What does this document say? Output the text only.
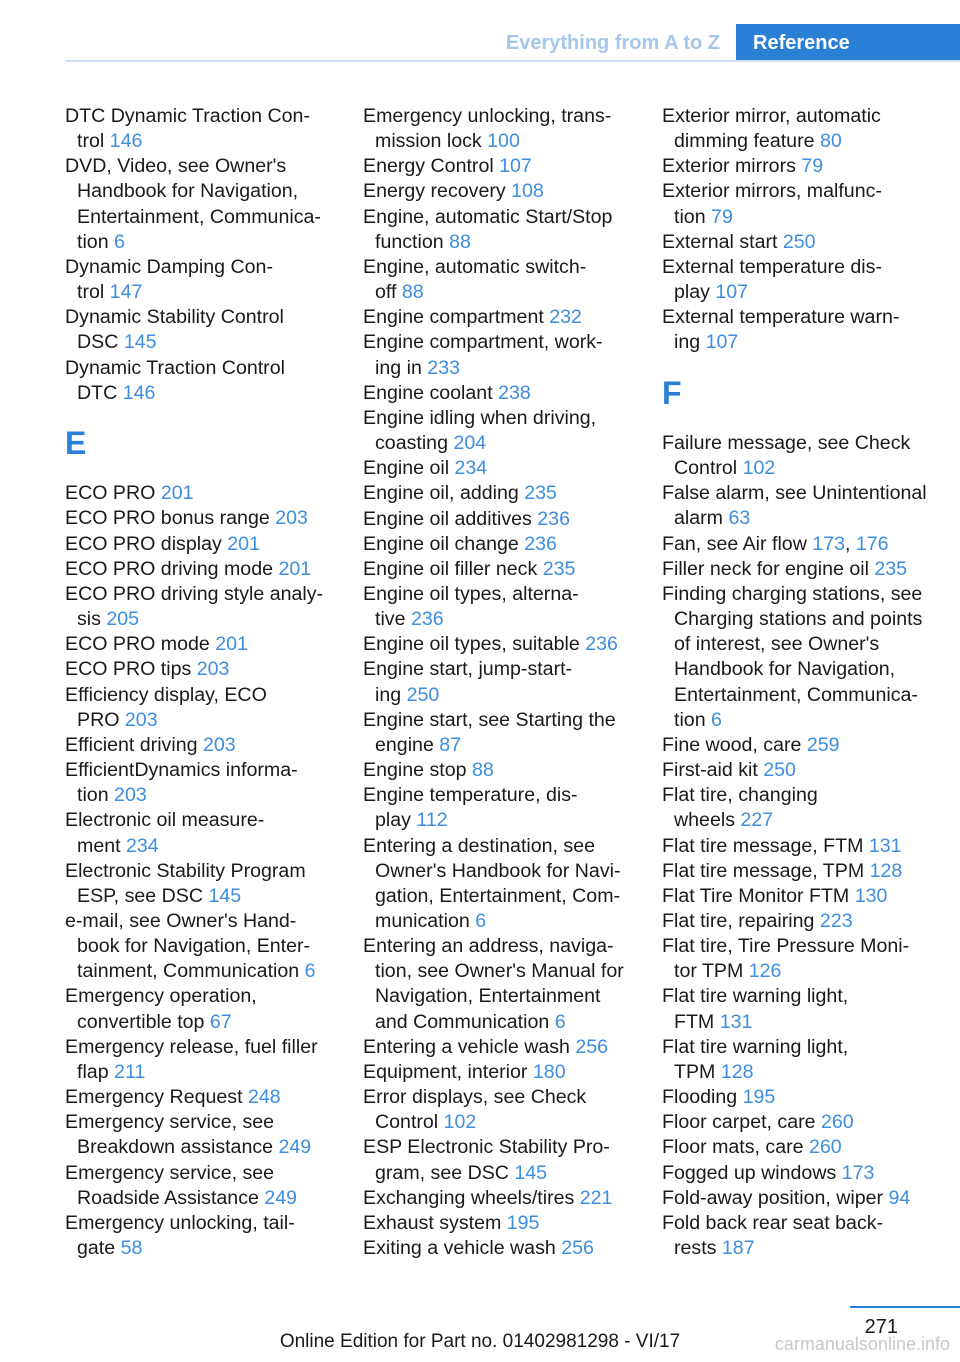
Everything from A to Z	Reference
DTC Dynamic Traction Con-
trol 146
DVD, Video, see Owner's
Handbook for Navigation,
Entertainment, Communica-
tion 6
Dynamic Damping Con-
trol 147
Dynamic Stability Control
DSC 145
Dynamic Traction Control
DTC 146
E
ECO PRO 201
ECO PRO bonus range 203
ECO PRO display 201
ECO PRO driving mode 201
ECO PRO driving style analy-
sis 205
ECO PRO mode 201
ECO PRO tips 203
Efficiency display, ECO
PRO 203
Efficient driving 203
EfficientDynamics informa-
tion 203
Electronic oil measure-
ment 234
Electronic Stability Program
ESP, see DSC 145
e-mail, see Owner's Hand-
book for Navigation, Enter-
tainment, Communication 6
Emergency operation,
convertible top 67
Emergency release, fuel filler
flap 211
Emergency Request 248
Emergency service, see
Breakdown assistance 249
Emergency service, see
Roadside Assistance 249
Emergency unlocking, tail-
gate 58
Emergency unlocking, trans-
mission lock 100
Energy Control 107
Energy recovery 108
Engine, automatic Start/Stop
function 88
Engine, automatic switch-
off 88
Engine compartment 232
Engine compartment, work-
ing in 233
Engine coolant 238
Engine idling when driving,
coasting 204
Engine oil 234
Engine oil, adding 235
Engine oil additives 236
Engine oil change 236
Engine oil filler neck 235
Engine oil types, alterna-
tive 236
Engine oil types, suitable 236
Engine start, jump-start-
ing 250
Engine start, see Starting the
engine 87
Engine stop 88
Engine temperature, dis-
play 112
Entering a destination, see
Owner's Handbook for Navi-
gation, Entertainment, Com-
munication 6
Entering an address, naviga-
tion, see Owner's Manual for
Navigation, Entertainment
and Communication 6
Entering a vehicle wash 256
Equipment, interior 180
Error displays, see Check
Control 102
ESP Electronic Stability Pro-
gram, see DSC 145
Exchanging wheels/tires 221
Exhaust system 195
Exiting a vehicle wash 256
Exterior mirror, automatic
dimming feature 80
Exterior mirrors 79
Exterior mirrors, malfunc-
tion 79
External start 250
External temperature dis-
play 107
External temperature warn-
ing 107
F
Failure message, see Check
Control 102
False alarm, see Unintentional
alarm 63
Fan, see Air flow 173, 176
Filler neck for engine oil 235
Finding charging stations, see
Charging stations and points
of interest, see Owner's
Handbook for Navigation,
Entertainment, Communica-
tion 6
Fine wood, care 259
First-aid kit 250
Flat tire, changing
wheels 227
Flat tire message, FTM 131
Flat tire message, TPM 128
Flat Tire Monitor FTM 130
Flat tire, repairing 223
Flat tire, Tire Pressure Moni-
tor TPM 126
Flat tire warning light,
FTM 131
Flat tire warning light,
TPM 128
Flooding 195
Floor carpet, care 260
Floor mats, care 260
Fogged up windows 173
Fold-away position, wiper 94
Fold back rear seat back-
rests 187
271
Online Edition for Part no. 01402981298 - VI/17	carmanualsonline.info
